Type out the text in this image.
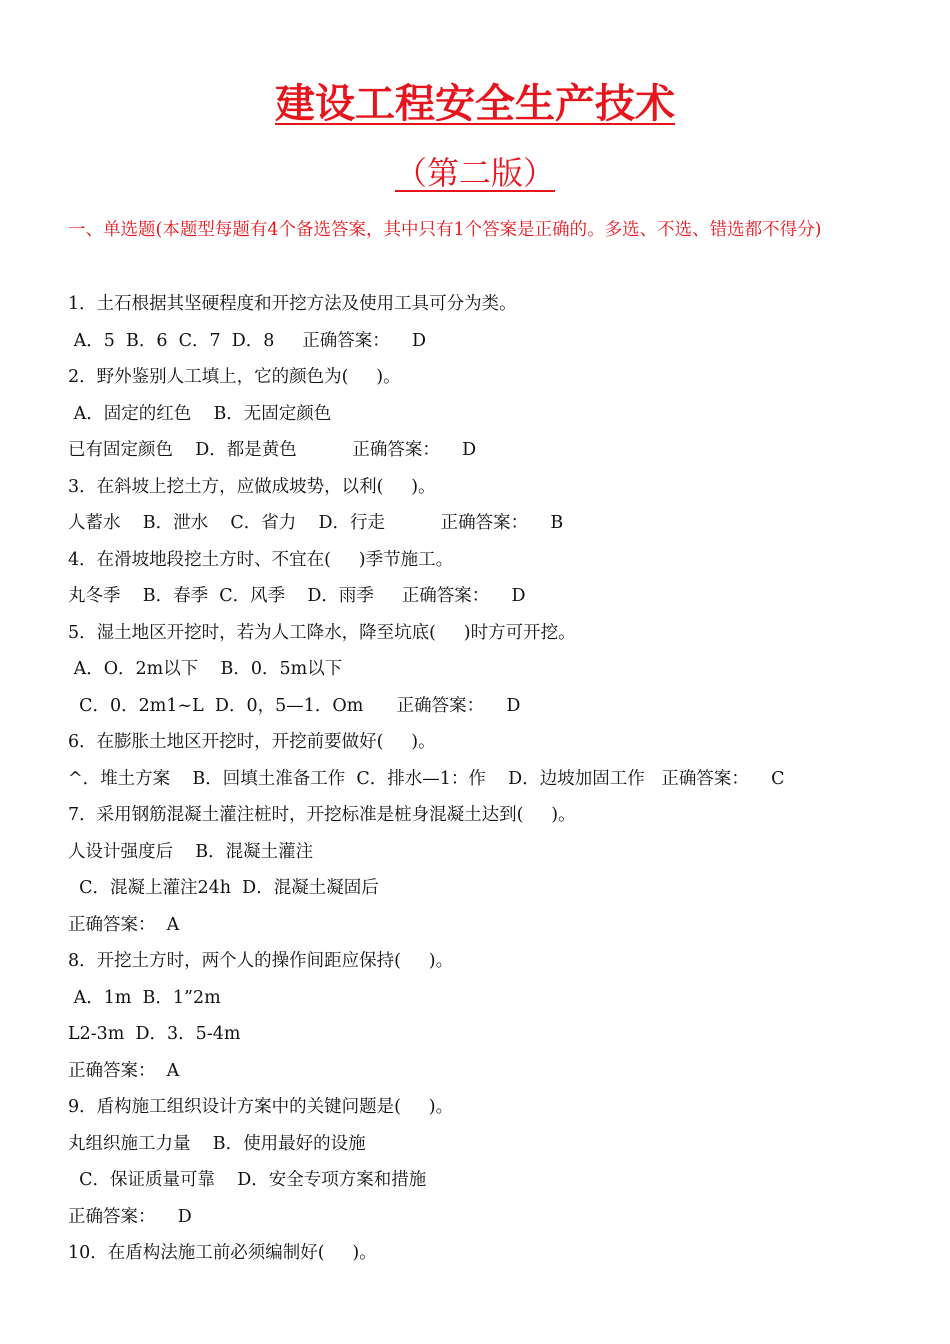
建设工程安全生产技术
（第二版）
一、单选题(本题型每题有4个备选答案，其中只有1个答案是正确的。多选、不选、错选都不得分)
1．土石根据其坚硬程度和开挖方法及使用工具可分为类。
A．5  B．6  C．7  D．8     正确答案：    D
2．野外鉴别人工填上，它的颜色为(     )。
A．固定的红色    B．无固定颜色
已有固定颜色    D．都是黄色          正确答案：    D
3．在斜坡上挖土方，应做成坡势，以利(     )。
人蓄水    B．泄水    C．省力    D．行走          正确答案：    B
4．在滑坡地段挖土方时、不宜在(     )季节施工。
丸冬季    B．春季  C．风季    D．雨季     正确答案：    D
5．湿土地区开挖时，若为人工降水，降至坑底(     )时方可开挖。
A．O．2m以下    B．0．5m以下
C．0．2m1~L  D．0，5—1．Om      正确答案：    D
6．在膨胀土地区开挖时，开挖前要做好(     )。
^．堆土方案    B．回填土准备工作  C．排水—1：作    D．边坡加固工作   正确答案：    C
7．采用钢筋混凝土灌注桩时，开挖标准是桩身混凝土达到(     )。
人设计强度后    B．混凝土灌注
C．混凝上灌注24h  D．混凝土凝固后
正确答案：  A
8．开挖土方时，两个人的操作间距应保持(     )。
A．1m  B．1”2m
L2-3m  D．3．5-4m
正确答案：  A
9．盾构施工组织设计方案中的关键问题是(     )。
丸组织施工力量    B．使用最好的设施
C．保证质量可靠    D．安全专项方案和措施
正确答案：    D
10．在盾构法施工前必须编制好(     )。
